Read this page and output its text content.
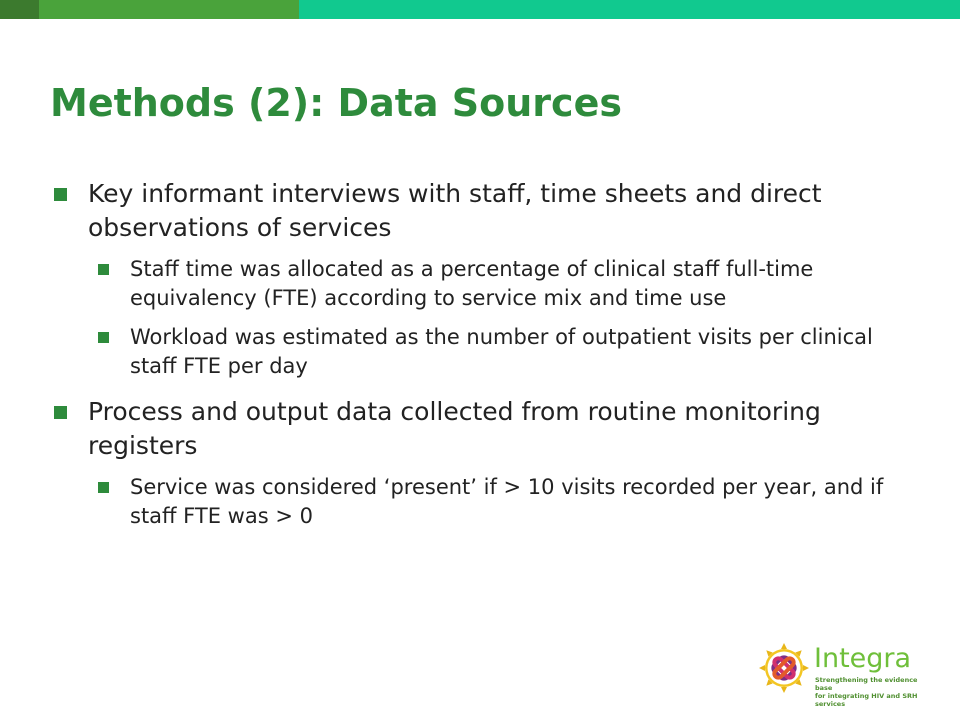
Methods (2): Data Sources
Key informant interviews with staff, time sheets and direct observations of services
Staff time was allocated as a percentage of clinical staff full-time equivalency (FTE) according to service mix and time use
Workload was estimated as the number of outpatient visits per clinical staff FTE per day
Process and output data collected from routine monitoring registers
Service was considered ‘present’ if > 10 visits recorded per year, and if staff FTE was > 0
Integra
Strengthening the evidence base
for integrating HIV and SRH services
